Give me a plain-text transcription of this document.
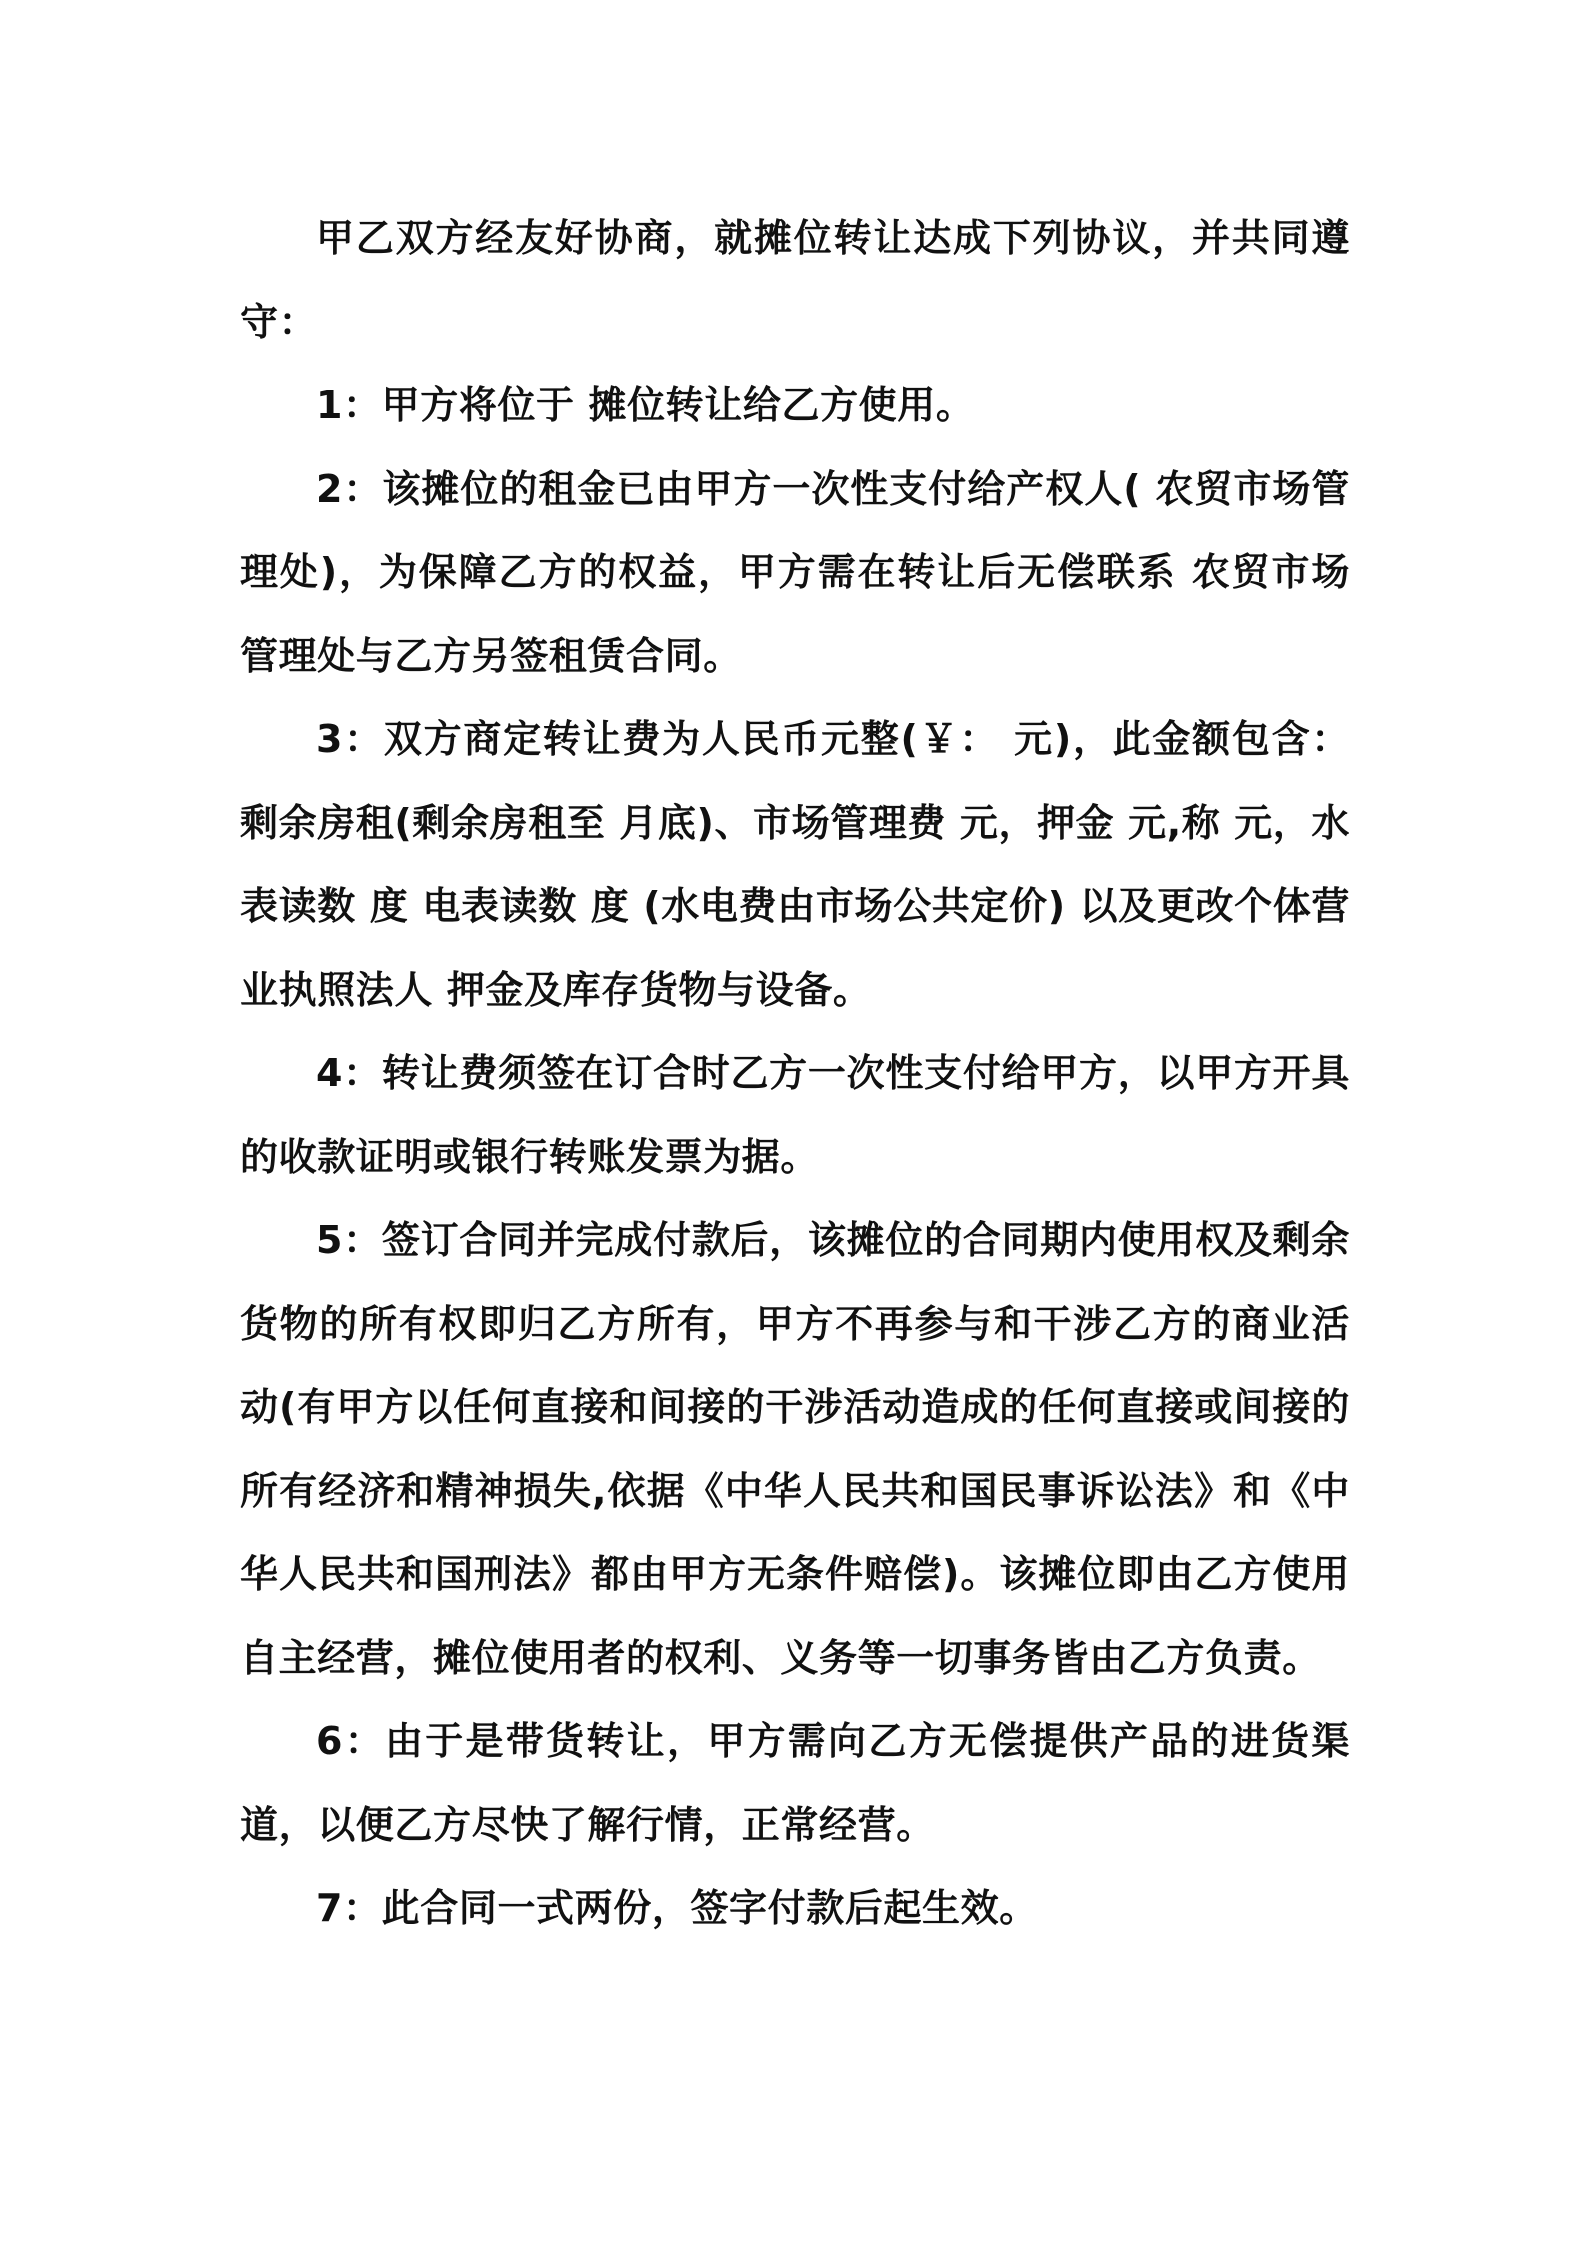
甲乙双方经友好协商，就摊位转让达成下列协议，并共同遵守：

1：甲方将位于 摊位转让给乙方使用。

2：该摊位的租金已由甲方一次性支付给产权人( 农贸市场管理处)，为保障乙方的权益，甲方需在转让后无偿联系 农贸市场管理处与乙方另签租赁合同。

3：双方商定转让费为人民币元整(￥： 元)，此金额包含：剩余房租(剩余房租至 月底)、市场管理费 元，押金 元,称 元，水表读数 度 电表读数 度 (水电费由市场公共定价) 以及更改个体营业执照法人 押金及库存货物与设备。

4：转让费须签在订合时乙方一次性支付给甲方，以甲方开具的收款证明或银行转账发票为据。

5：签订合同并完成付款后，该摊位的合同期内使用权及剩余货物的所有权即归乙方所有，甲方不再参与和干涉乙方的商业活动(有甲方以任何直接和间接的干涉活动造成的任何直接或间接的所有经济和精神损失,依据《中华人民共和国民事诉讼法》和《中华人民共和国刑法》都由甲方无条件赔偿)。该摊位即由乙方使用自主经营，摊位使用者的权利、义务等一切事务皆由乙方负责。

6：由于是带货转让，甲方需向乙方无偿提供产品的进货渠道，以便乙方尽快了解行情，正常经营。

7：此合同一式两份，签字付款后起生效。
